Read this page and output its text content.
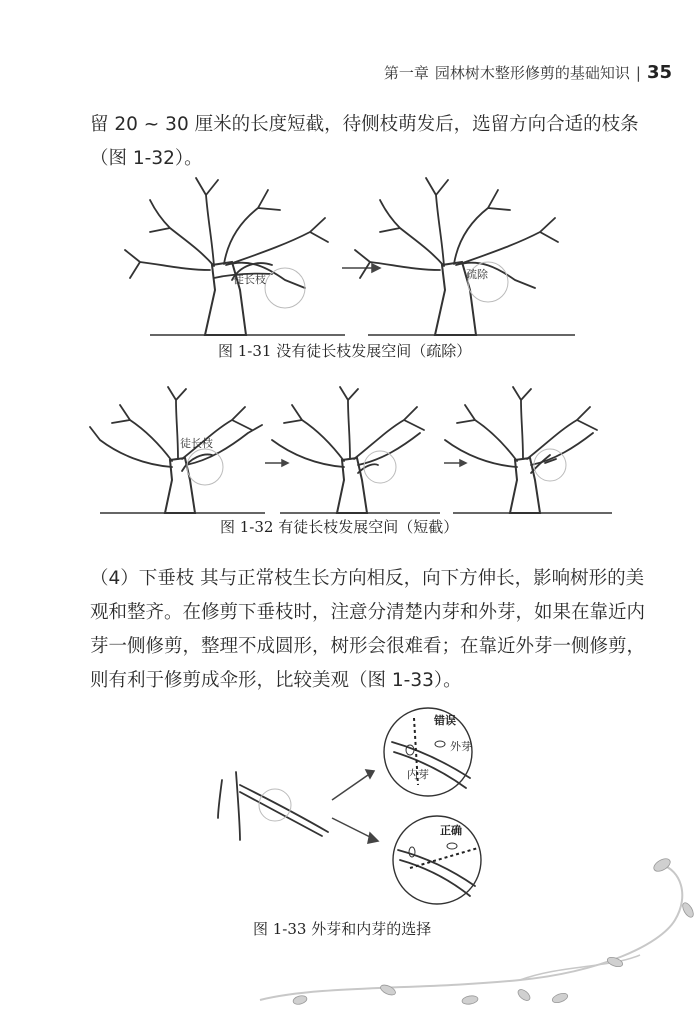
第一章 园林树木整形修剪的基础知识 | 35
留 20 ~ 30 厘米的长度短截，待侧枝萌发后，选留方向合适的枝条（图 1-32）。
徒长枝	疏除
图 1-31 没有徒长枝发展空间（疏除）
徒长枝
图 1-32 有徒长枝发展空间（短截）
（4）下垂枝 其与正常枝生长方向相反，向下方伸长，影响树形的美观和整齐。在修剪下垂枝时，注意分清楚内芽和外芽，如果在靠近内芽一侧修剪，整理不成圆形，树形会很难看；在靠近外芽一侧修剪，则有利于修剪成伞形，比较美观（图 1-33）。
错误
外芽
内芽
正确
图 1-33 外芽和内芽的选择
